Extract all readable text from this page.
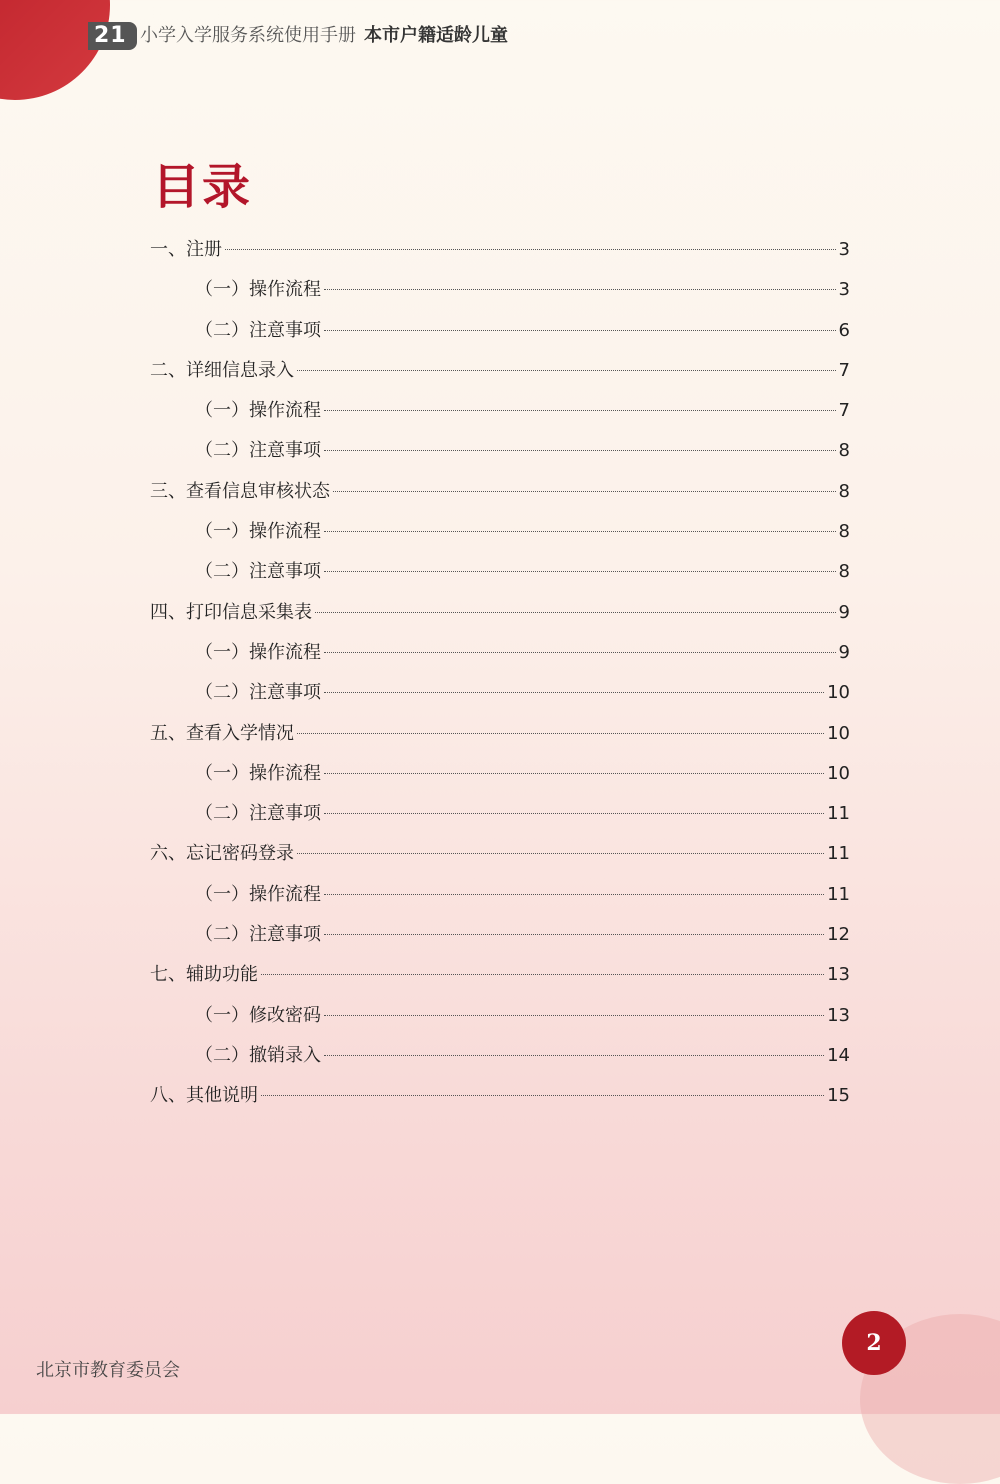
21 小学入学服务系统使用手册 本市户籍适龄儿童
目录
一、注册	3
（一）操作流程	3
（二）注意事项	6
二、详细信息录入	7
（一）操作流程	7
（二）注意事项	8
三、查看信息审核状态	8
（一）操作流程	8
（二）注意事项	8
四、打印信息采集表	9
（一）操作流程	9
（二）注意事项	10
五、查看入学情况	10
（一）操作流程	10
（二）注意事项	11
六、忘记密码登录	11
（一）操作流程	11
（二）注意事项	12
七、辅助功能	13
（一）修改密码	13
（二）撤销录入	14
八、其他说明	15
2
北京市教育委员会
